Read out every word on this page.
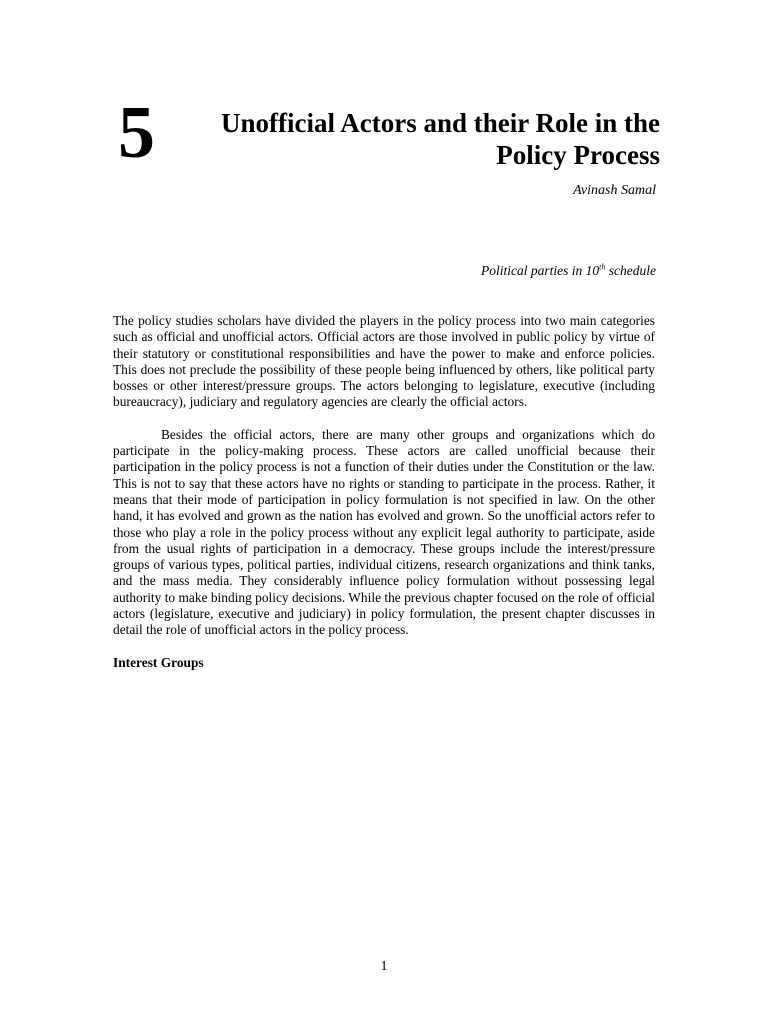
5	Unofficial Actors and their Role in the
Policy Process
Avinash Samal
Political parties in 10th schedule

The policy studies scholars have divided the players in the policy process into two main categories such as official and unofficial actors. Official actors are those involved in public policy by virtue of their statutory or constitutional responsibilities and have the power to make and enforce policies. This does not preclude the possibility of these people being influenced by others, like political party bosses or other interest/pressure groups. The actors belonging to legislature, executive (including bureaucracy), judiciary and regulatory agencies are clearly the official actors.

Besides the official actors, there are many other groups and organizations which do participate in the policy-making process. These actors are called unofficial because their participation in the policy process is not a function of their duties under the Constitution or the law. This is not to say that these actors have no rights or standing to participate in the process. Rather, it means that their mode of participation in policy formulation is not specified in law. On the other hand, it has evolved and grown as the nation has evolved and grown. So the unofficial actors refer to those who play a role in the policy process without any explicit legal authority to participate, aside from the usual rights of participation in a democracy. These groups include the interest/pressure groups of various types, political parties, individual citizens, research organizations and think tanks, and the mass media. They considerably influence policy formulation without possessing legal authority to make binding policy decisions. While the previous chapter focused on the role of official actors (legislature, executive and judiciary) in policy formulation, the present chapter discusses in detail the role of unofficial actors in the policy process.

Interest Groups
1
